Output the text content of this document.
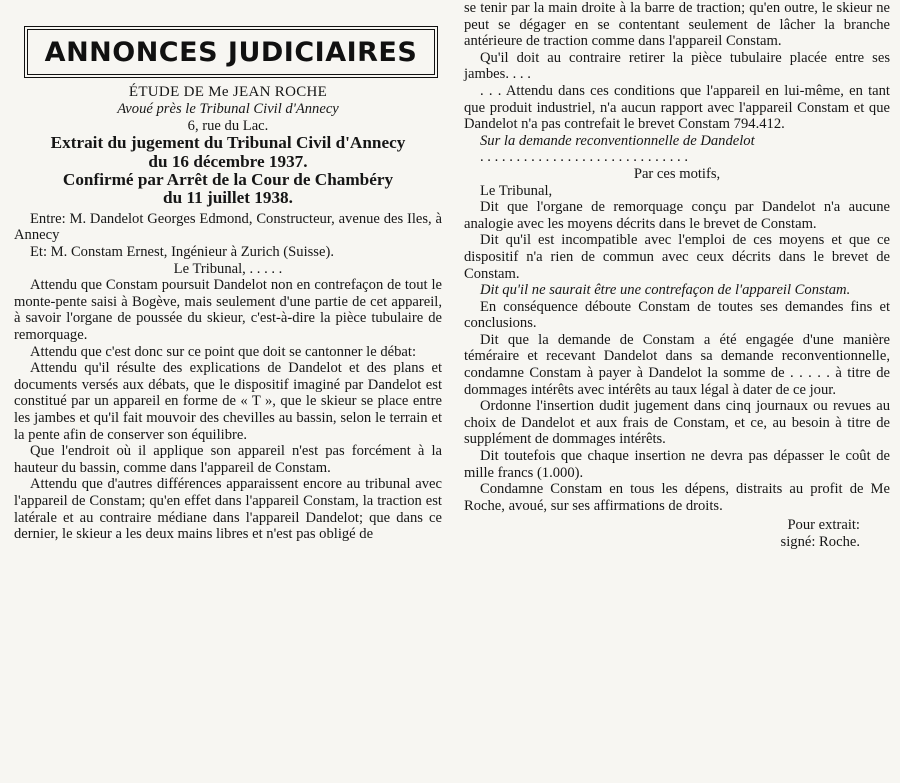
ANNONCES JUDICIAIRES

ÉTUDE DE Me JEAN ROCHE

Avoué près le Tribunal Civil d'Annecy

6, rue du Lac.

Extrait du jugement du Tribunal Civil d'Annecy

du 16 décembre 1937.

Confirmé par Arrêt de la Cour de Chambéry

du 11 juillet 1938.

Entre: M. Dandelot Georges Edmond, Constructeur, avenue des Iles, à Annecy

Et: M. Constam Ernest, Ingénieur à Zurich (Suisse).

Le Tribunal, . . . . .

Attendu que Constam poursuit Dandelot non en contrefaçon de tout le monte-pente saisi à Bogève, mais seulement d'une partie de cet appareil, à savoir l'organe de poussée du skieur, c'est-à-dire la pièce tubulaire de remorquage.

Attendu que c'est donc sur ce point que doit se cantonner le débat:

Attendu qu'il résulte des explications de Dandelot et des plans et documents versés aux débats, que le dispositif imaginé par Dandelot est constitué par un appareil en forme de « T », que le skieur se place entre les jambes et qu'il fait mouvoir des chevilles au bassin, selon le terrain et la pente afin de conserver son équilibre.

Que l'endroit où il applique son appareil n'est pas forcément à la hauteur du bassin, comme dans l'appareil de Constam.

Attendu que d'autres différences apparaissent encore au tribunal avec l'appareil de Constam; qu'en effet dans l'appareil Constam, la traction est latérale et au contraire médiane dans l'appareil Dandelot; que dans ce dernier, le skieur a les deux mains libres et n'est pas obligé de

se tenir par la main droite à la barre de traction; qu'en outre, le skieur ne peut se dégager en se contentant seulement de lâcher la branche antérieure de traction comme dans l'appareil Constam.

Qu'il doit au contraire retirer la pièce tubulaire placée entre ses jambes. . . .

. . . Attendu dans ces conditions que l'appareil en lui-même, en tant que produit industriel, n'a aucun rapport avec l'appareil Constam et que Dandelot n'a pas contrefait le brevet Constam 794.412.

Sur la demande reconventionnelle de Dandelot

. . . . . . . . . . . . . . . . . . . . . . . . . . . . .

Par ces motifs,

Le Tribunal,

Dit que l'organe de remorquage conçu par Dandelot n'a aucune analogie avec les moyens décrits dans le brevet de Constam.

Dit qu'il est incompatible avec l'emploi de ces moyens et que ce dispositif n'a rien de commun avec ceux décrits dans le brevet de Constam.

Dit qu'il ne saurait être une contrefaçon de l'appareil Constam.

En conséquence déboute Constam de toutes ses demandes fins et conclusions.

Dit que la demande de Constam a été engagée d'une manière téméraire et recevant Dandelot dans sa demande reconventionnelle, condamne Constam à payer à Dandelot la somme de . . . . . à titre de dommages intérêts avec intérêts au taux légal à dater de ce jour.

Ordonne l'insertion dudit jugement dans cinq journaux ou revues au choix de Dandelot et aux frais de Constam, et ce, au besoin à titre de supplément de dommages intérêts.

Dit toutefois que chaque insertion ne devra pas dépasser le coût de mille francs (1.000).

Condamne Constam en tous les dépens, distraits au profit de Me Roche, avoué, sur ses affirmations de droits.

Pour extrait:

signé: Roche.
